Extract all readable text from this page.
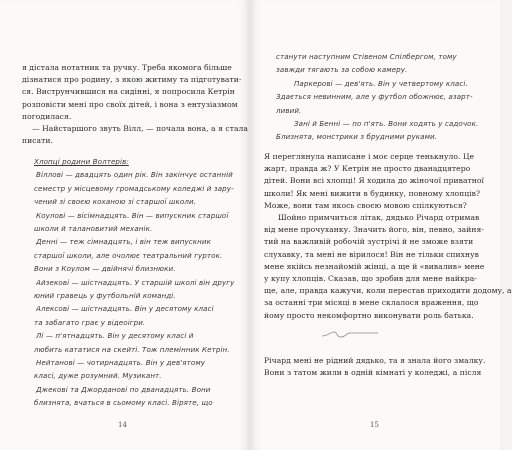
я дістала нотатник та ручку. Треба якомога більше
дізнатися про родину, з якою житиму та підготувати-
ся. Виструнчившися на сидінні, я попросила Кетрін
розповісти мені про своїх дітей, і вона з ентузіазмом
погодилася.
— Найстаршого звуть Вілл, — почала вона, а я стала
писати.
Хлопці родини Волтерів:
Віллові — двадцять один рік. Він закінчує останній
семестр у місцевому громадському коледжі й зару-
чений зі своєю коханою зі старшої школи.
Коулові — вісімнадцять. Він — випускник старшої
школи й талановитий механік.
Денні — теж сімнадцять, і він теж випускник
старшої школи, але очолює театральний гурток.
Вони з Коулом — двійнячі близнюки.
Айзекові — шістнадцять. У старшій школі він другу
юний гравець у футбольній команді.
Алексові — шістнадцять. Він у десятому класі
та забагато грає у відеоігри.
Лі — п'ятнадцять. Він у десятому класі й
любить кататися на скейті. Тож племінник Кетрін.
Нейтанові — чотирнадцять. Він у дев'ятому
класі, дуже розумний. Музикант.
Джекові та Джорданові по дванадцять. Вони
близнята, вчаться в сьомому класі. Віряте, що
14
станути наступним Стівеном Спілбергом, тому
завжди тягають за собою камеру.
Паркерові — дев'ять. Він у четвертому класі.
Здається невинним, але у футбол обожнює, азарт-
ливий.
Зані й Бенні — по п'ять. Вони ходять у садочок.
Близнята, монстрики з брудними руками.
Я переглянула написане і моє серце тенькнуло. Це
жарт, правда ж? У Кетрін не просто дванадцятеро
дітей. Вони всі хлопці! Я ходила до жіночої приватної
школи! Як мені вижити в будинку, повному хлопців?
Може, вони там якось своєю мовою спілкуються?
Шойно примчиться літак, дядько Річард отримав
від мене прочуханку. Значить його, він, певно, зайня-
тий на важливій робочій зустрічі й не зможе взяти
слухавку, та мені не вірилося! Він не тільки спихнув
мене якійсь незнайомій жінці, а ще й «вивалив» мене
у купу хлопців. Сказав, що зробив для мене найкра-
ще, але, правда кажучи, коли перестав приходити додому, а
за останні три місяці в мене склалося враження, що
йому просто некомфортно виконувати роль батька.
Річард мені не рідний дядько, та я знала його змалку.
Вони з татом жили в одній кімнаті у коледжі, а після
15
